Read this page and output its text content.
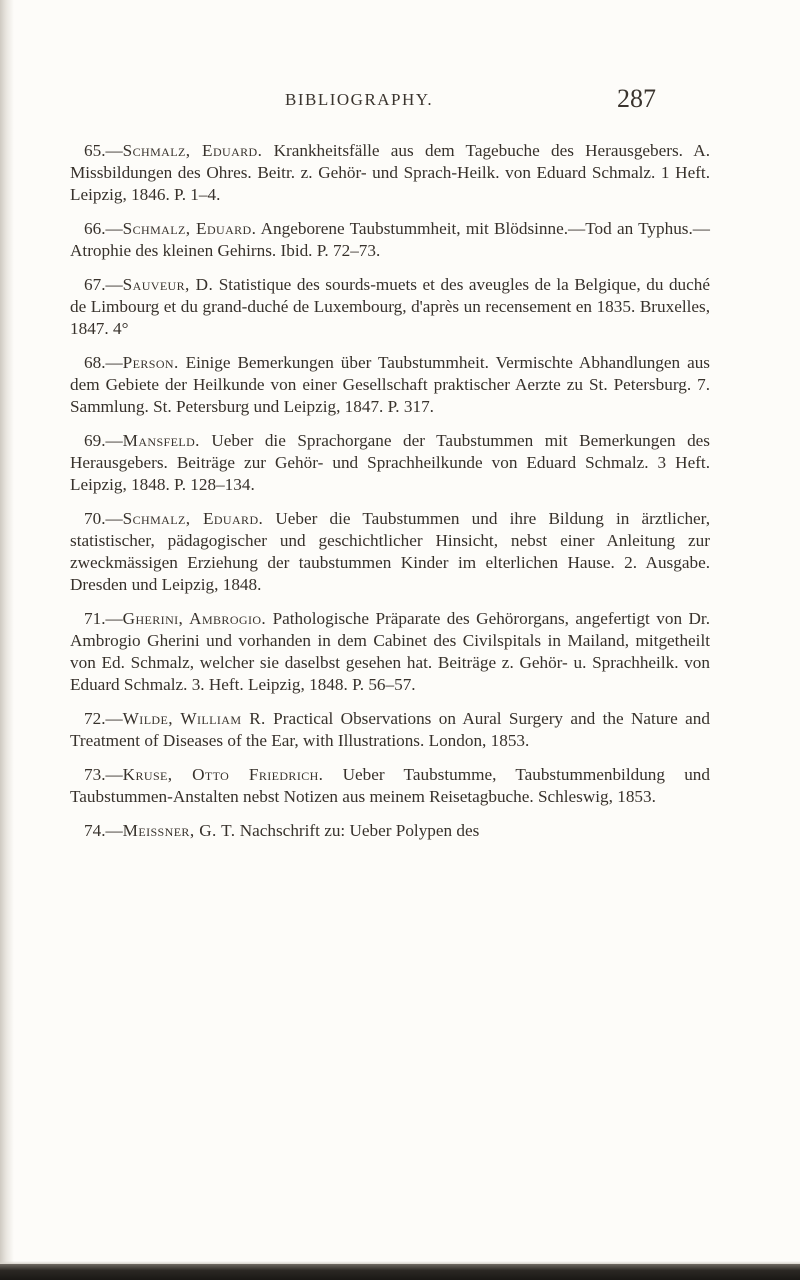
BIBLIOGRAPHY.	287

65.—Schmalz, Eduard. Krankheitsfälle aus dem Tagebuche des Herausgebers. A. Missbildungen des Ohres. Beitr. z. Gehör- und Sprach-Heilk. von Eduard Schmalz. 1 Heft. Leipzig, 1846. P. 1–4.

66.—Schmalz, Eduard. Angeborene Taubstummheit, mit Blödsinne.—Tod an Typhus.—Atrophie des kleinen Gehirns. Ibid. P. 72–73.

67.—Sauveur, D. Statistique des sourds-muets et des aveugles de la Belgique, du duché de Limbourg et du grand-duché de Luxembourg, d'après un recensement en 1835. Bruxelles, 1847. 4°

68.—Person. Einige Bemerkungen über Taubstummheit. Vermischte Abhandlungen aus dem Gebiete der Heilkunde von einer Gesellschaft praktischer Aerzte zu St. Petersburg. 7. Sammlung. St. Petersburg und Leipzig, 1847. P. 317.

69.—Mansfeld. Ueber die Sprachorgane der Taubstummen mit Bemerkungen des Herausgebers. Beiträge zur Gehör- und Sprachheilkunde von Eduard Schmalz. 3 Heft. Leipzig, 1848. P. 128–134.

70.—Schmalz, Eduard. Ueber die Taubstummen und ihre Bildung in ärztlicher, statistischer, pädagogischer und geschichtlicher Hinsicht, nebst einer Anleitung zur zweckmässigen Erziehung der taubstummen Kinder im elterlichen Hause. 2. Ausgabe. Dresden und Leipzig, 1848.

71.—Gherini, Ambrogio. Pathologische Präparate des Gehörorgans, angefertigt von Dr. Ambrogio Gherini und vorhanden in dem Cabinet des Civilspitals in Mailand, mitgetheilt von Ed. Schmalz, welcher sie daselbst gesehen hat. Beiträge z. Gehör- u. Sprachheilk. von Eduard Schmalz. 3. Heft. Leipzig, 1848. P. 56–57.

72.—Wilde, William R. Practical Observations on Aural Surgery and the Nature and Treatment of Diseases of the Ear, with Illustrations. London, 1853.

73.—Kruse, Otto Friedrich. Ueber Taubstumme, Taubstummenbildung und Taubstummen-Anstalten nebst Notizen aus meinem Reisetagbuche. Schleswig, 1853.

74.—Meissner, G. T. Nachschrift zu: Ueber Polypen des
